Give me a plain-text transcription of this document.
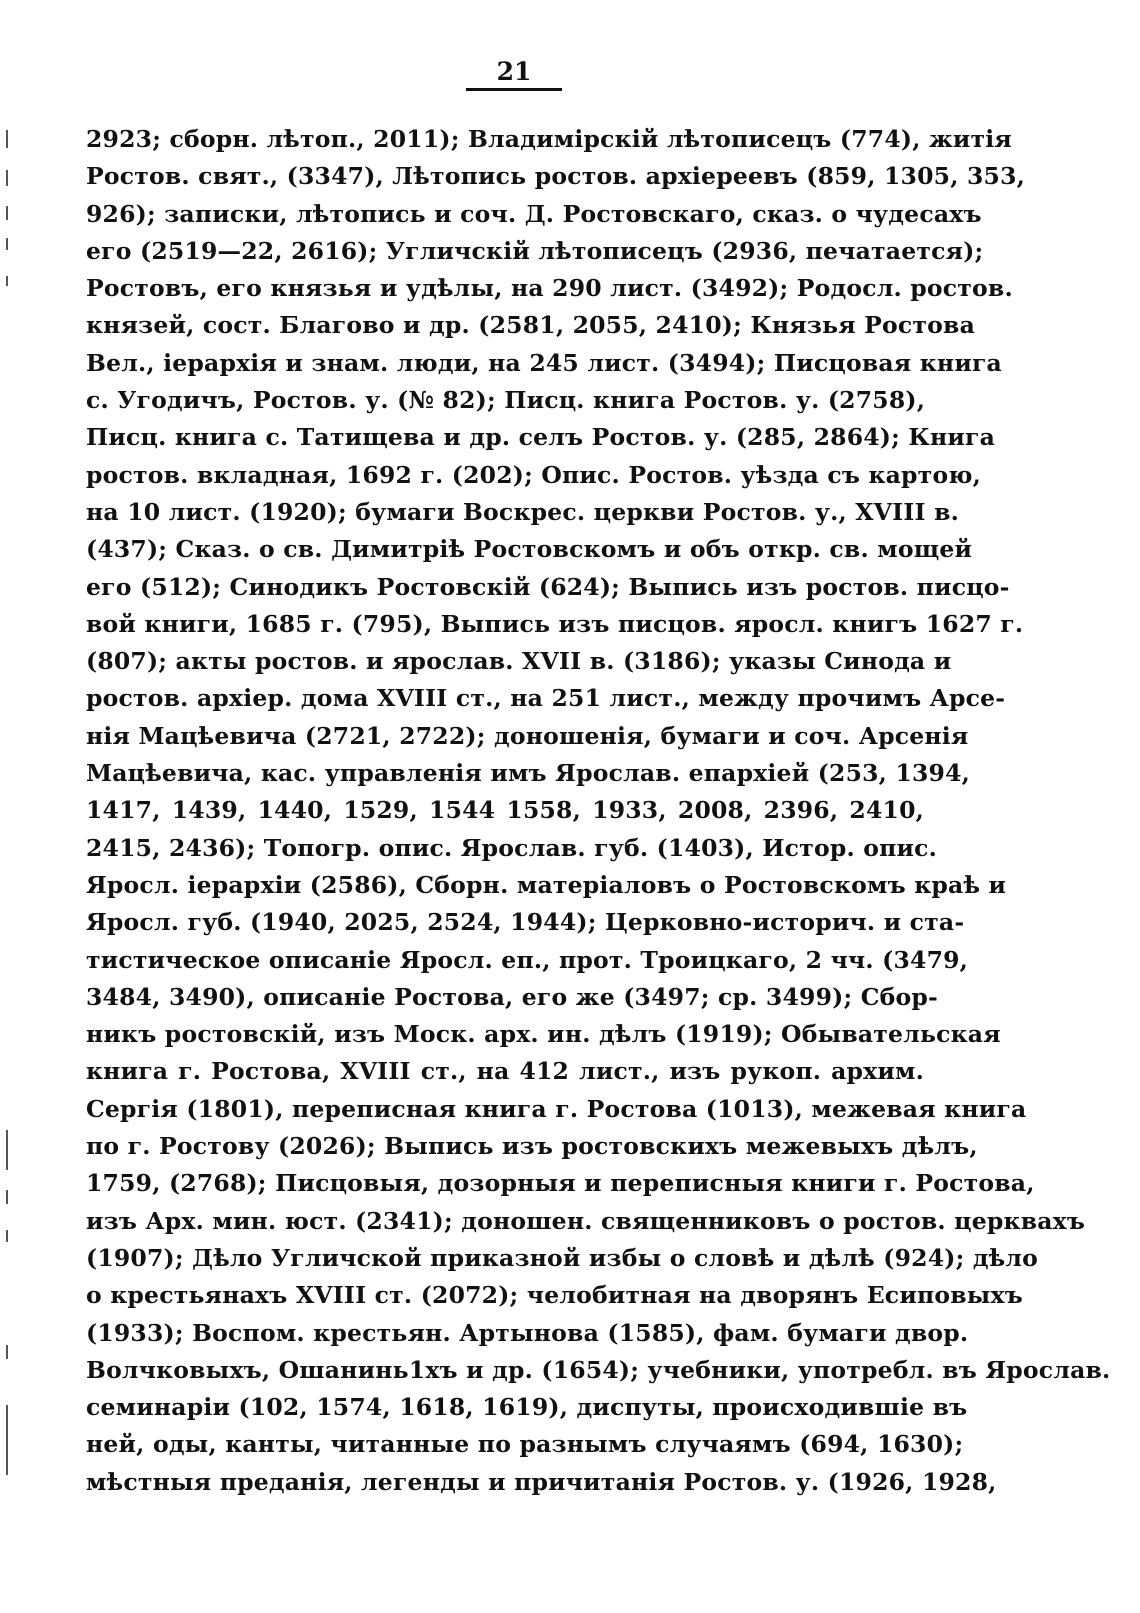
21
2923; сборн. лѣтоп., 2011); Владимірскій лѣтописецъ (774), житія
Ростов. свят., (3347), Лѣтопись ростов. архіереевъ (859, 1305, 353,
926); записки, лѣтопись и соч. Д. Ростовскаго, сказ. о чудесахъ
его (2519—22, 2616); Угличскій лѣтописецъ (2936, печатается);
Ростовъ, его князья и удѣлы, на 290 лист. (3492); Родосл. ростов.
князей, сост. Благово и др. (2581, 2055, 2410); Князья Ростова
Вел., іерархія и знам. люди, на 245 лист. (3494); Писцовая книга
с. Угодичъ, Ростов. у. (№ 82); Писц. книга Ростов. у. (2758),
Писц. книга с. Татищева и др. селъ Ростов. у. (285, 2864); Книга
ростов. вкладная, 1692 г. (202); Опис. Ростов. уѣзда съ картою,
на 10 лист. (1920); бумаги Воскрес. церкви Ростов. у., XVIII в.
(437); Сказ. о св. Димитріѣ Ростовскомъ и объ откр. св. мощей
его (512); Синодикъ Ростовскій (624); Выпись изъ ростов. писцо-
вой книги, 1685 г. (795), Выпись изъ писцов. яросл. книгъ 1627 г.
(807); акты ростов. и ярослав. XVII в. (3186); указы Синода и
ростов. архіер. дома XVIII ст., на 251 лист., между прочимъ Арсе-
нія Мацѣевича (2721, 2722); доношенія, бумаги и соч. Арсенія
Мацѣевича, кас. управленія имъ Ярослав. епархіей (253, 1394,
1417, 1439, 1440, 1529, 1544 1558, 1933, 2008, 2396, 2410,
2415, 2436); Топогр. опис. Ярослав. губ. (1403), Истор. опис.
Яросл. іерархіи (2586), Сборн. матеріаловъ о Ростовскомъ краѣ и
Яросл. губ. (1940, 2025, 2524, 1944); Церковно-историч. и ста-
тистическое описаніе Яросл. еп., прот. Троицкаго, 2 чч. (3479,
3484, 3490), описаніе Ростова, его же (3497; ср. 3499); Сбор-
никъ ростовскій, изъ Моск. арх. ин. дѣлъ (1919); Обывательская
книга г. Ростова, XVIII ст., на 412 лист., изъ рукоп. архим.
Сергія (1801), переписная книга г. Ростова (1013), межевая книга
по г. Ростову (2026); Выпись изъ ростовскихъ межевыхъ дѣлъ,
1759, (2768); Писцовыя, дозорныя и переписныя книги г. Ростова,
изъ Арх. мин. юст. (2341); доношен. священниковъ о ростов. церквахъ
(1907); Дѣло Угличской приказной избы о словѣ и дѣлѣ (924); дѣло
о крестьянахъ XVIII ст. (2072); челобитная на дворянъ Есиповыхъ
(1933); Воспом. крестьян. Артынова (1585), фам. бумаги двор.
Волчковыхъ, Ошанинь1хъ и др. (1654); учебники, употребл. въ Ярослав.
семинаріи (102, 1574, 1618, 1619), диспуты, происходившіе въ
ней, оды, канты, читанные по разнымъ случаямъ (694, 1630);
мѣстныя преданія, легенды и причитанія Ростов. у. (1926, 1928,
